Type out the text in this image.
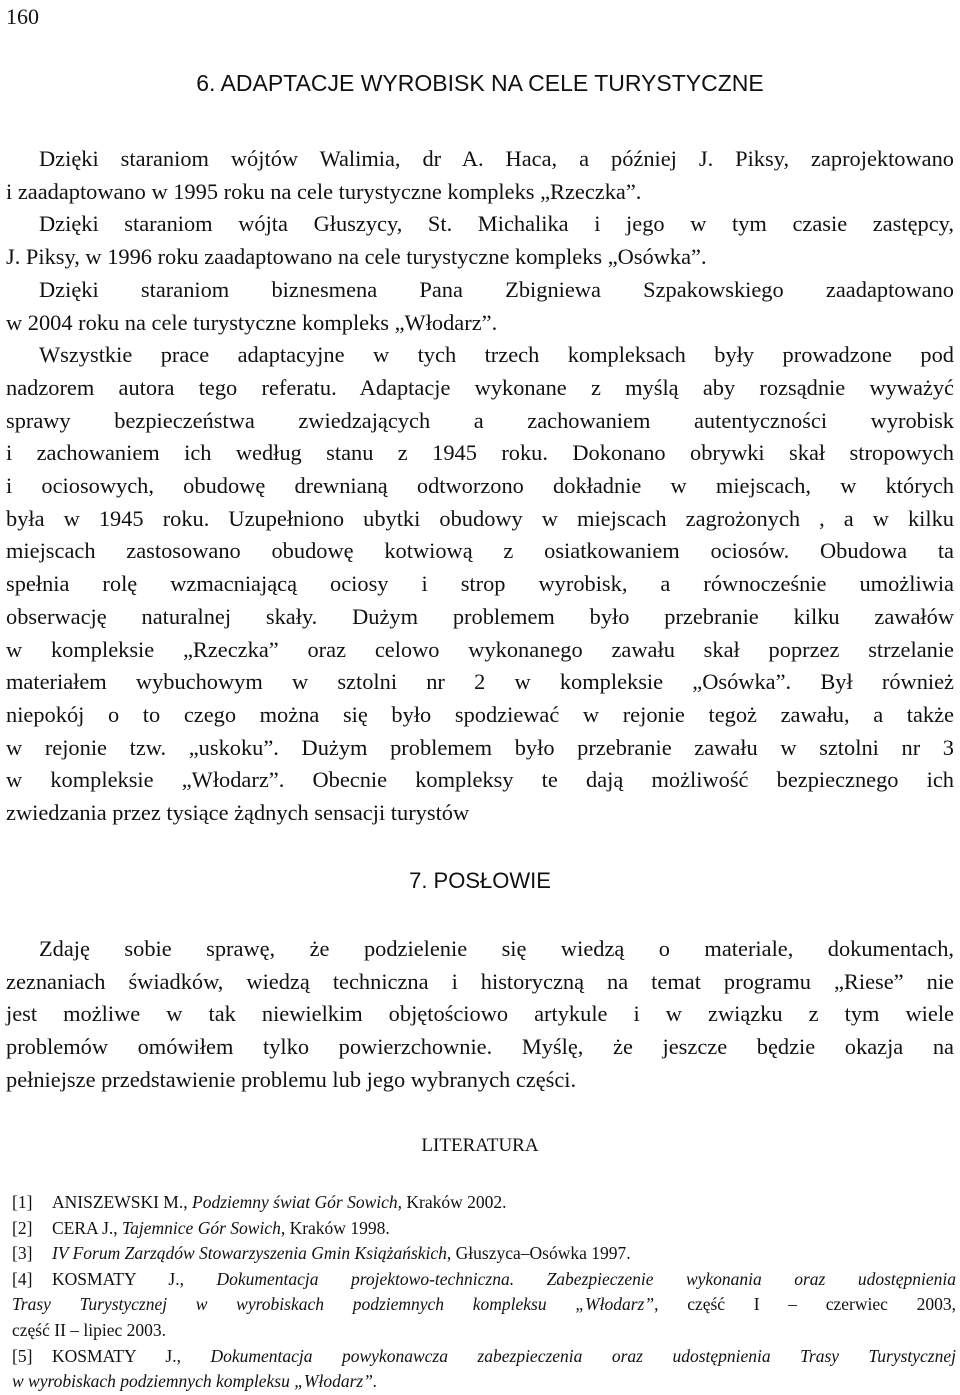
160
6. ADAPTACJE WYROBISK NA CELE TURYSTYCZNE
Dzięki staraniom wójtów Walimia, dr A. Haca, a później J. Piksy, zaprojektowano
i zaadaptowano w 1995 roku na cele turystyczne kompleks „Rzeczka”.
Dzięki staraniom wójta Głuszycy, St. Michalika i jego w tym czasie zastępcy,
J. Piksy, w 1996 roku zaadaptowano na cele turystyczne kompleks „Osówka”.
Dzięki staraniom biznesmena Pana Zbigniewa Szpakowskiego zaadaptowano
w 2004 roku na cele turystyczne kompleks „Włodarz”.
Wszystkie prace adaptacyjne w tych trzech kompleksach były prowadzone pod
nadzorem autora tego referatu. Adaptacje wykonane z myślą aby rozsądnie wyważyć
sprawy bezpieczeństwa zwiedzających a zachowaniem autentyczności wyrobisk
i zachowaniem ich według stanu z 1945 roku. Dokonano obrywki skał stropowych
i ociosowych, obudowę drewnianą odtworzono dokładnie w miejscach, w których
była w 1945 roku. Uzupełniono ubytki obudowy w miejscach zagrożonych , a w kilku
miejscach zastosowano obudowę kotwiową z osiatkowaniem ociosów. Obudowa ta
spełnia rolę wzmacniającą ociosy i strop wyrobisk, a równocześnie umożliwia
obserwację naturalnej skały. Dużym problemem było przebranie kilku zawałów
w kompleksie „Rzeczka” oraz celowo wykonanego zawału skał poprzez strzelanie
materiałem wybuchowym w sztolni nr 2 w kompleksie „Osówka”. Był również
niepokój o to czego można się było spodziewać w rejonie tegoż zawału, a także
w rejonie tzw. „uskoku”. Dużym problemem było przebranie zawału w sztolni nr 3
w kompleksie „Włodarz”. Obecnie kompleksy te dają możliwość bezpiecznego ich
zwiedzania przez tysiące żądnych sensacji turystów
7. POSŁOWIE
Zdaję sobie sprawę, że podzielenie się wiedzą o materiale, dokumentach,
zeznaniach świadków, wiedzą techniczna i historyczną na temat programu „Riese” nie
jest możliwe w tak niewielkim objętościowo artykule i w związku z tym wiele
problemów omówiłem tylko powierzchownie. Myślę, że jeszcze będzie okazja na
pełniejsze przedstawienie problemu lub jego wybranych części.
LITERATURA
[1] ANISZEWSKI M., Podziemny świat Gór Sowich, Kraków 2002.
[2] CERA J., Tajemnice Gór Sowich, Kraków 1998.
[3] IV Forum Zarządów Stowarzyszenia Gmin Książańskich, Głuszyca–Osówka 1997.
[4] KOSMATY J., Dokumentacja projektowo-techniczna. Zabezpieczenie wykonania oraz udostępnienia
Trasy Turystycznej w wyrobiskach podziemnych kompleksu „Włodarz”, część I – czerwiec 2003,
część II – lipiec 2003.
[5] KOSMATY J., Dokumentacja powykonawcza zabezpieczenia oraz udostępnienia Trasy Turystycznej
w wyrobiskach podziemnych kompleksu „Włodarz”.
